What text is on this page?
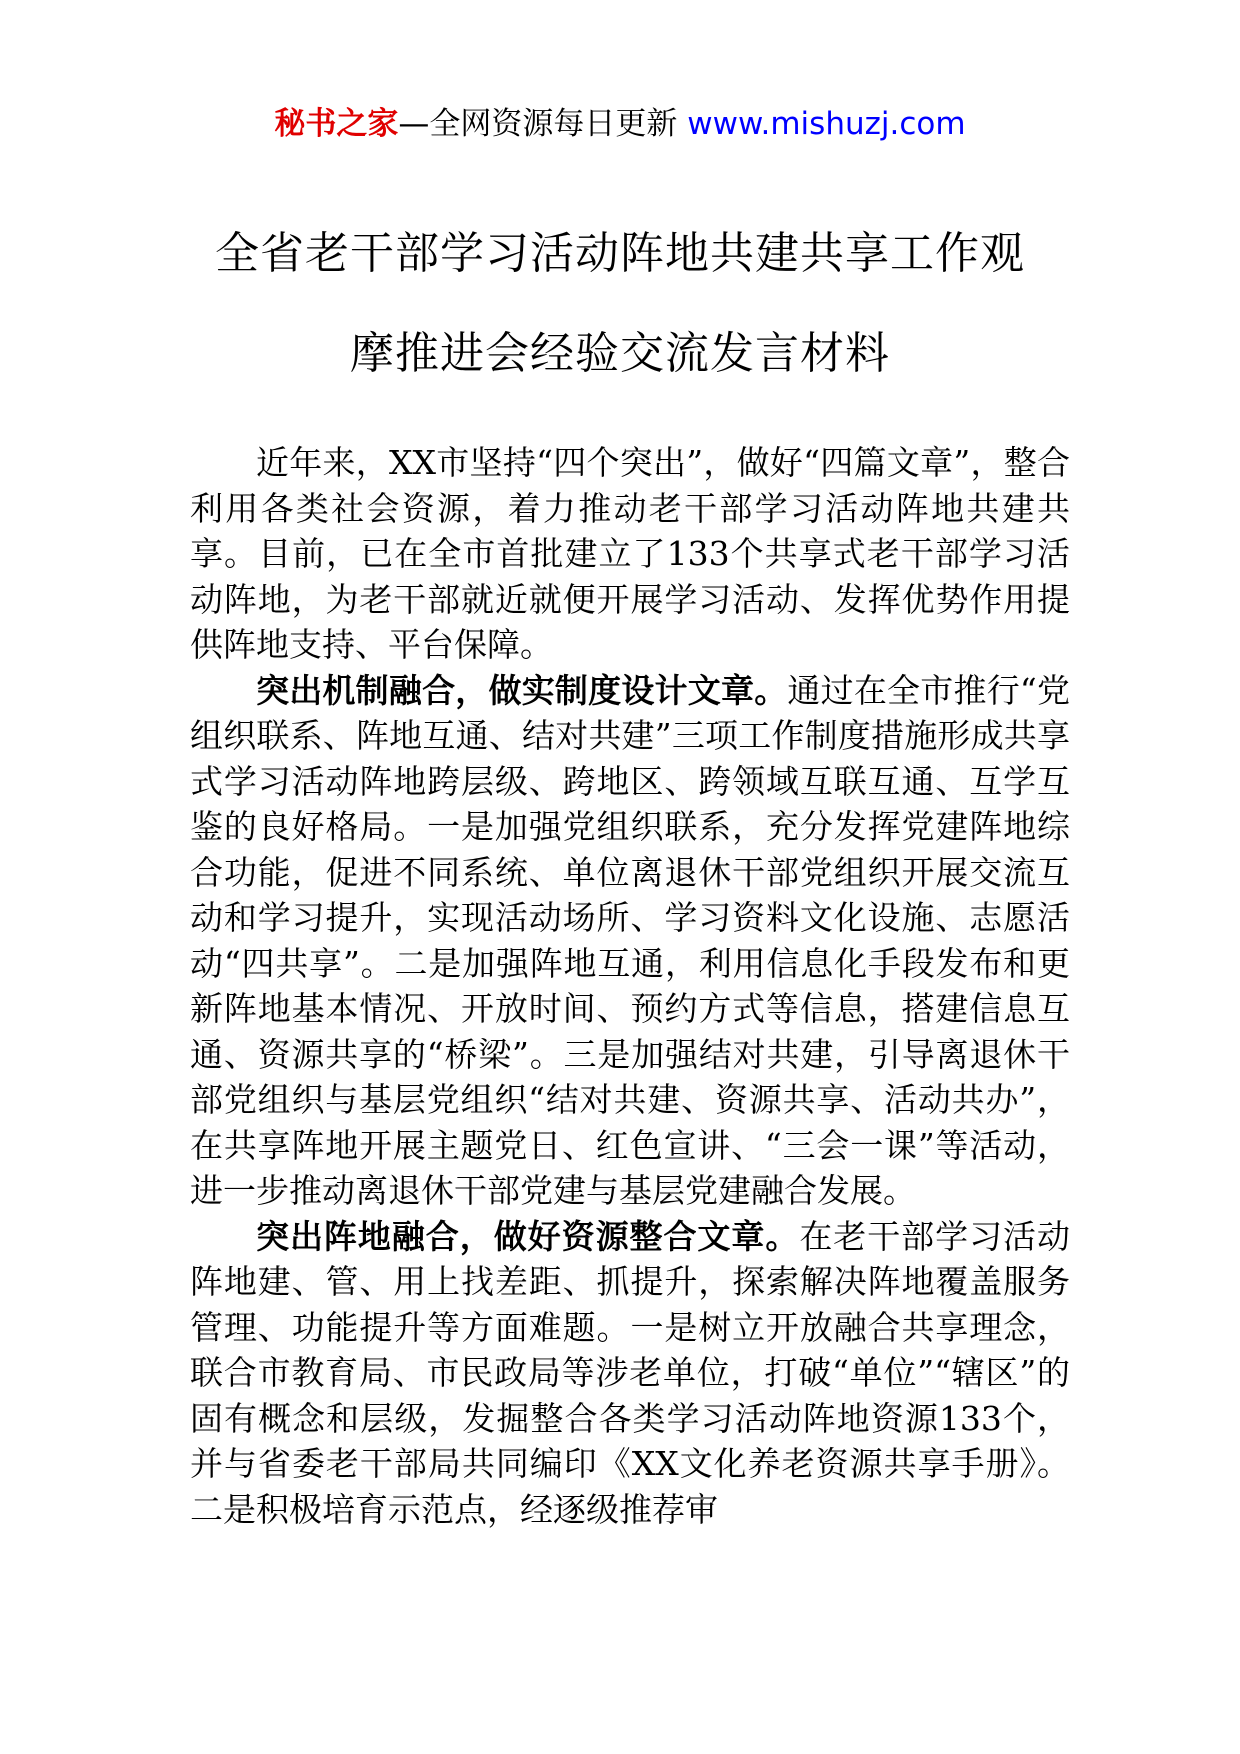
秘书之家—全网资源每日更新 www.mishuzj.com
全省老干部学习活动阵地共建共享工作观
摩推进会经验交流发言材料

近年来，XX市坚持“四个突出”，做好“四篇文章”，整合利用各类社会资源，着力推动老干部学习活动阵地共建共享。目前，已在全市首批建立了133个共享式老干部学习活动阵地，为老干部就近就便开展学习活动、发挥优势作用提供阵地支持、平台保障。

突出机制融合，做实制度设计文章。通过在全市推行“党组织联系、阵地互通、结对共建”三项工作制度措施形成共享式学习活动阵地跨层级、跨地区、跨领域互联互通、互学互鉴的良好格局。一是加强党组织联系，充分发挥党建阵地综合功能，促进不同系统、单位离退休干部党组织开展交流互动和学习提升，实现活动场所、学习资料文化设施、志愿活动“四共享”。二是加强阵地互通，利用信息化手段发布和更新阵地基本情况、开放时间、预约方式等信息，搭建信息互通、资源共享的“桥梁”。三是加强结对共建，引导离退休干部党组织与基层党组织“结对共建、资源共享、活动共办”，在共享阵地开展主题党日、红色宣讲、“三会一课”等活动，进一步推动离退休干部党建与基层党建融合发展。

突出阵地融合，做好资源整合文章。在老干部学习活动阵地建、管、用上找差距、抓提升，探索解决阵地覆盖服务管理、功能提升等方面难题。一是树立开放融合共享理念，联合市教育局、市民政局等涉老单位，打破“单位”“辖区”的固有概念和层级，发掘整合各类学习活动阵地资源133个，并与省委老干部局共同编印《XX文化养老资源共享手册》。二是积极培育示范点，经逐级推荐审
